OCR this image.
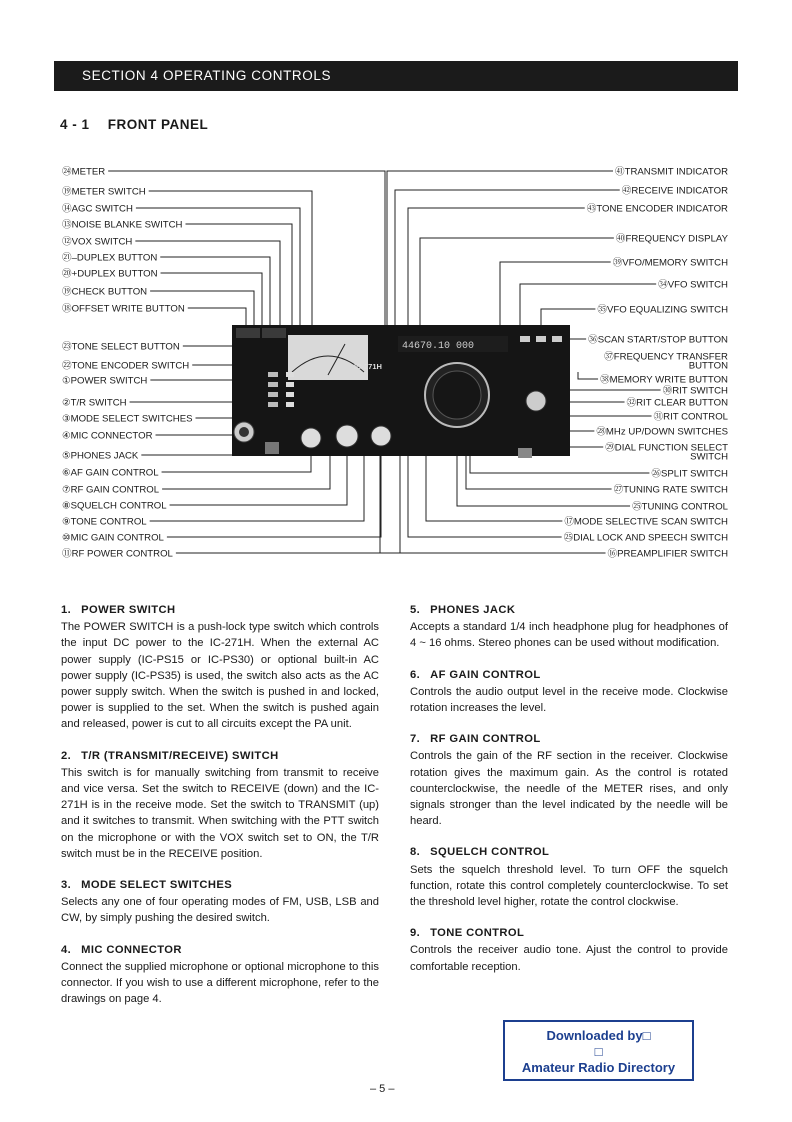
SECTION 4 OPERATING CONTROLS
4 - 1 FRONT PANEL
44670.10 000
IC-271H
㉔METER
⑲METER SWITCH
⑭AGC SWITCH
⑬NOISE BLANKE SWITCH
⑫VOX SWITCH
㉑–DUPLEX BUTTON
⑳+DUPLEX BUTTON
⑲CHECK BUTTON
⑱OFFSET WRITE BUTTON
㉓TONE SELECT BUTTON
㉒TONE ENCODER SWITCH
①POWER SWITCH
②T/R SWITCH
③MODE SELECT SWITCHES
④MIC CONNECTOR
⑤PHONES JACK
⑥AF GAIN CONTROL
⑦RF GAIN CONTROL
⑧SQUELCH CONTROL
⑨TONE CONTROL
⑩MIC GAIN CONTROL
⑪RF POWER CONTROL
㊶TRANSMIT INDICATOR
㊷RECEIVE INDICATOR
㊸TONE ENCODER INDICATOR
㊵FREQUENCY DISPLAY
㊴VFO/MEMORY SWITCH
㉞VFO SWITCH
㉟VFO EQUALIZING SWITCH
㊱SCAN START/STOP BUTTON
㊲FREQUENCY TRANSFER
BUTTON
㊳MEMORY WRITE BUTTON
㉚RIT SWITCH
㉜RIT CLEAR BUTTON
㉛RIT CONTROL
㉘MHz UP/DOWN SWITCHES
㉙DIAL FUNCTION SELECT
SWITCH
㉖SPLIT SWITCH
㉗TUNING RATE SWITCH
㉕TUNING CONTROL
⑰MODE SELECTIVE SCAN SWITCH
㉕DIAL LOCK AND SPEECH SWITCH
⑯PREAMPLIFIER SWITCH
1. POWER SWITCH

The POWER SWITCH is a push-lock type switch which controls the input DC power to the IC-271H. When the external AC power supply (IC-PS15 or IC-PS30) or optional built-in AC power supply (IC-PS35) is used, the switch also acts as the AC power supply switch. When the switch is pushed in and locked, power is supplied to the set. When the switch is pushed again and released, power is cut to all circuits except the PA unit.

2. T/R (TRANSMIT/RECEIVE) SWITCH

This switch is for manually switching from transmit to receive and vice versa. Set the switch to RECEIVE (down) and the IC-271H is in the receive mode. Set the switch to TRANSMIT (up) and it switches to transmit. When switching with the PTT switch on the microphone or with the VOX switch set to ON, the T/R switch must be in the RECEIVE position.

3. MODE SELECT SWITCHES

Selects any one of four operating modes of FM, USB, LSB and CW, by simply pushing the desired switch.

4. MIC CONNECTOR

Connect the supplied microphone or optional microphone to this connector. If you wish to use a different microphone, refer to the drawings on page 4.

5. PHONES JACK

Accepts a standard 1/4 inch headphone plug for headphones of 4 ~ 16 ohms. Stereo phones can be used without modification.

6. AF GAIN CONTROL

Controls the audio output level in the receive mode. Clockwise rotation increases the level.

7. RF GAIN CONTROL

Controls the gain of the RF section in the receiver. Clockwise rotation gives the maximum gain. As the control is rotated counterclockwise, the needle of the METER rises, and only signals stronger than the level indicated by the needle will be heard.

8. SQUELCH CONTROL

Sets the squelch threshold level. To turn OFF the squelch function, rotate this control completely counterclockwise. To set the threshold level higher, rotate the control clockwise.

9. TONE CONTROL

Controls the receiver audio tone. Ajust the control to provide comfortable reception.

Downloaded by□
□
Amateur Radio Directory
– 5 –
